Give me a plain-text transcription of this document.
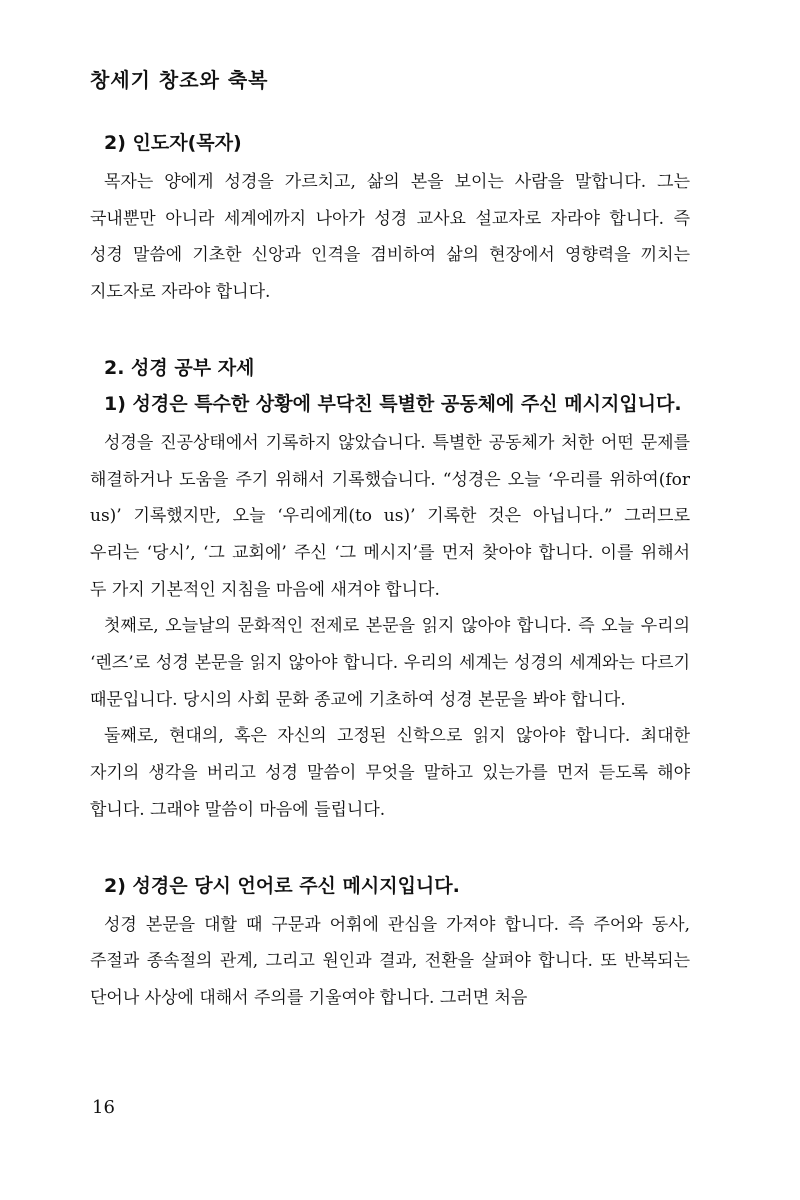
창세기 창조와 축복
2) 인도자(목자)

목자는 양에게 성경을 가르치고, 삶의 본을 보이는 사람을 말합니다. 그는 국내뿐만 아니라 세계에까지 나아가 성경 교사요 설교자로 자라야 합니다. 즉 성경 말씀에 기초한 신앙과 인격을 겸비하여 삶의 현장에서 영향력을 끼치는 지도자로 자라야 합니다.

2. 성경 공부 자세
1) 성경은 특수한 상황에 부닥친 특별한 공동체에 주신 메시지입니다.

성경을 진공상태에서 기록하지 않았습니다. 특별한 공동체가 처한 어떤 문제를 해결하거나 도움을 주기 위해서 기록했습니다. “성경은 오늘 ‘우리를 위하여(for us)’ 기록했지만, 오늘 ‘우리에게(to us)’ 기록한 것은 아닙니다.” 그러므로 우리는 ‘당시’, ‘그 교회에’ 주신 ‘그 메시지’를 먼저 찾아야 합니다. 이를 위해서 두 가지 기본적인 지침을 마음에 새겨야 합니다.

첫째로, 오늘날의 문화적인 전제로 본문을 읽지 않아야 합니다. 즉 오늘 우리의 ‘렌즈’로 성경 본문을 읽지 않아야 합니다. 우리의 세계는 성경의 세계와는 다르기 때문입니다. 당시의 사회 문화 종교에 기초하여 성경 본문을 봐야 합니다.

둘째로, 현대의, 혹은 자신의 고정된 신학으로 읽지 않아야 합니다. 최대한 자기의 생각을 버리고 성경 말씀이 무엇을 말하고 있는가를 먼저 듣도록 해야 합니다. 그래야 말씀이 마음에 들립니다.

2) 성경은 당시 언어로 주신 메시지입니다.

성경 본문을 대할 때 구문과 어휘에 관심을 가져야 합니다. 즉 주어와 동사, 주절과 종속절의 관계, 그리고 원인과 결과, 전환을 살펴야 합니다. 또 반복되는 단어나 사상에 대해서 주의를 기울여야 합니다. 그러면 처음

16
